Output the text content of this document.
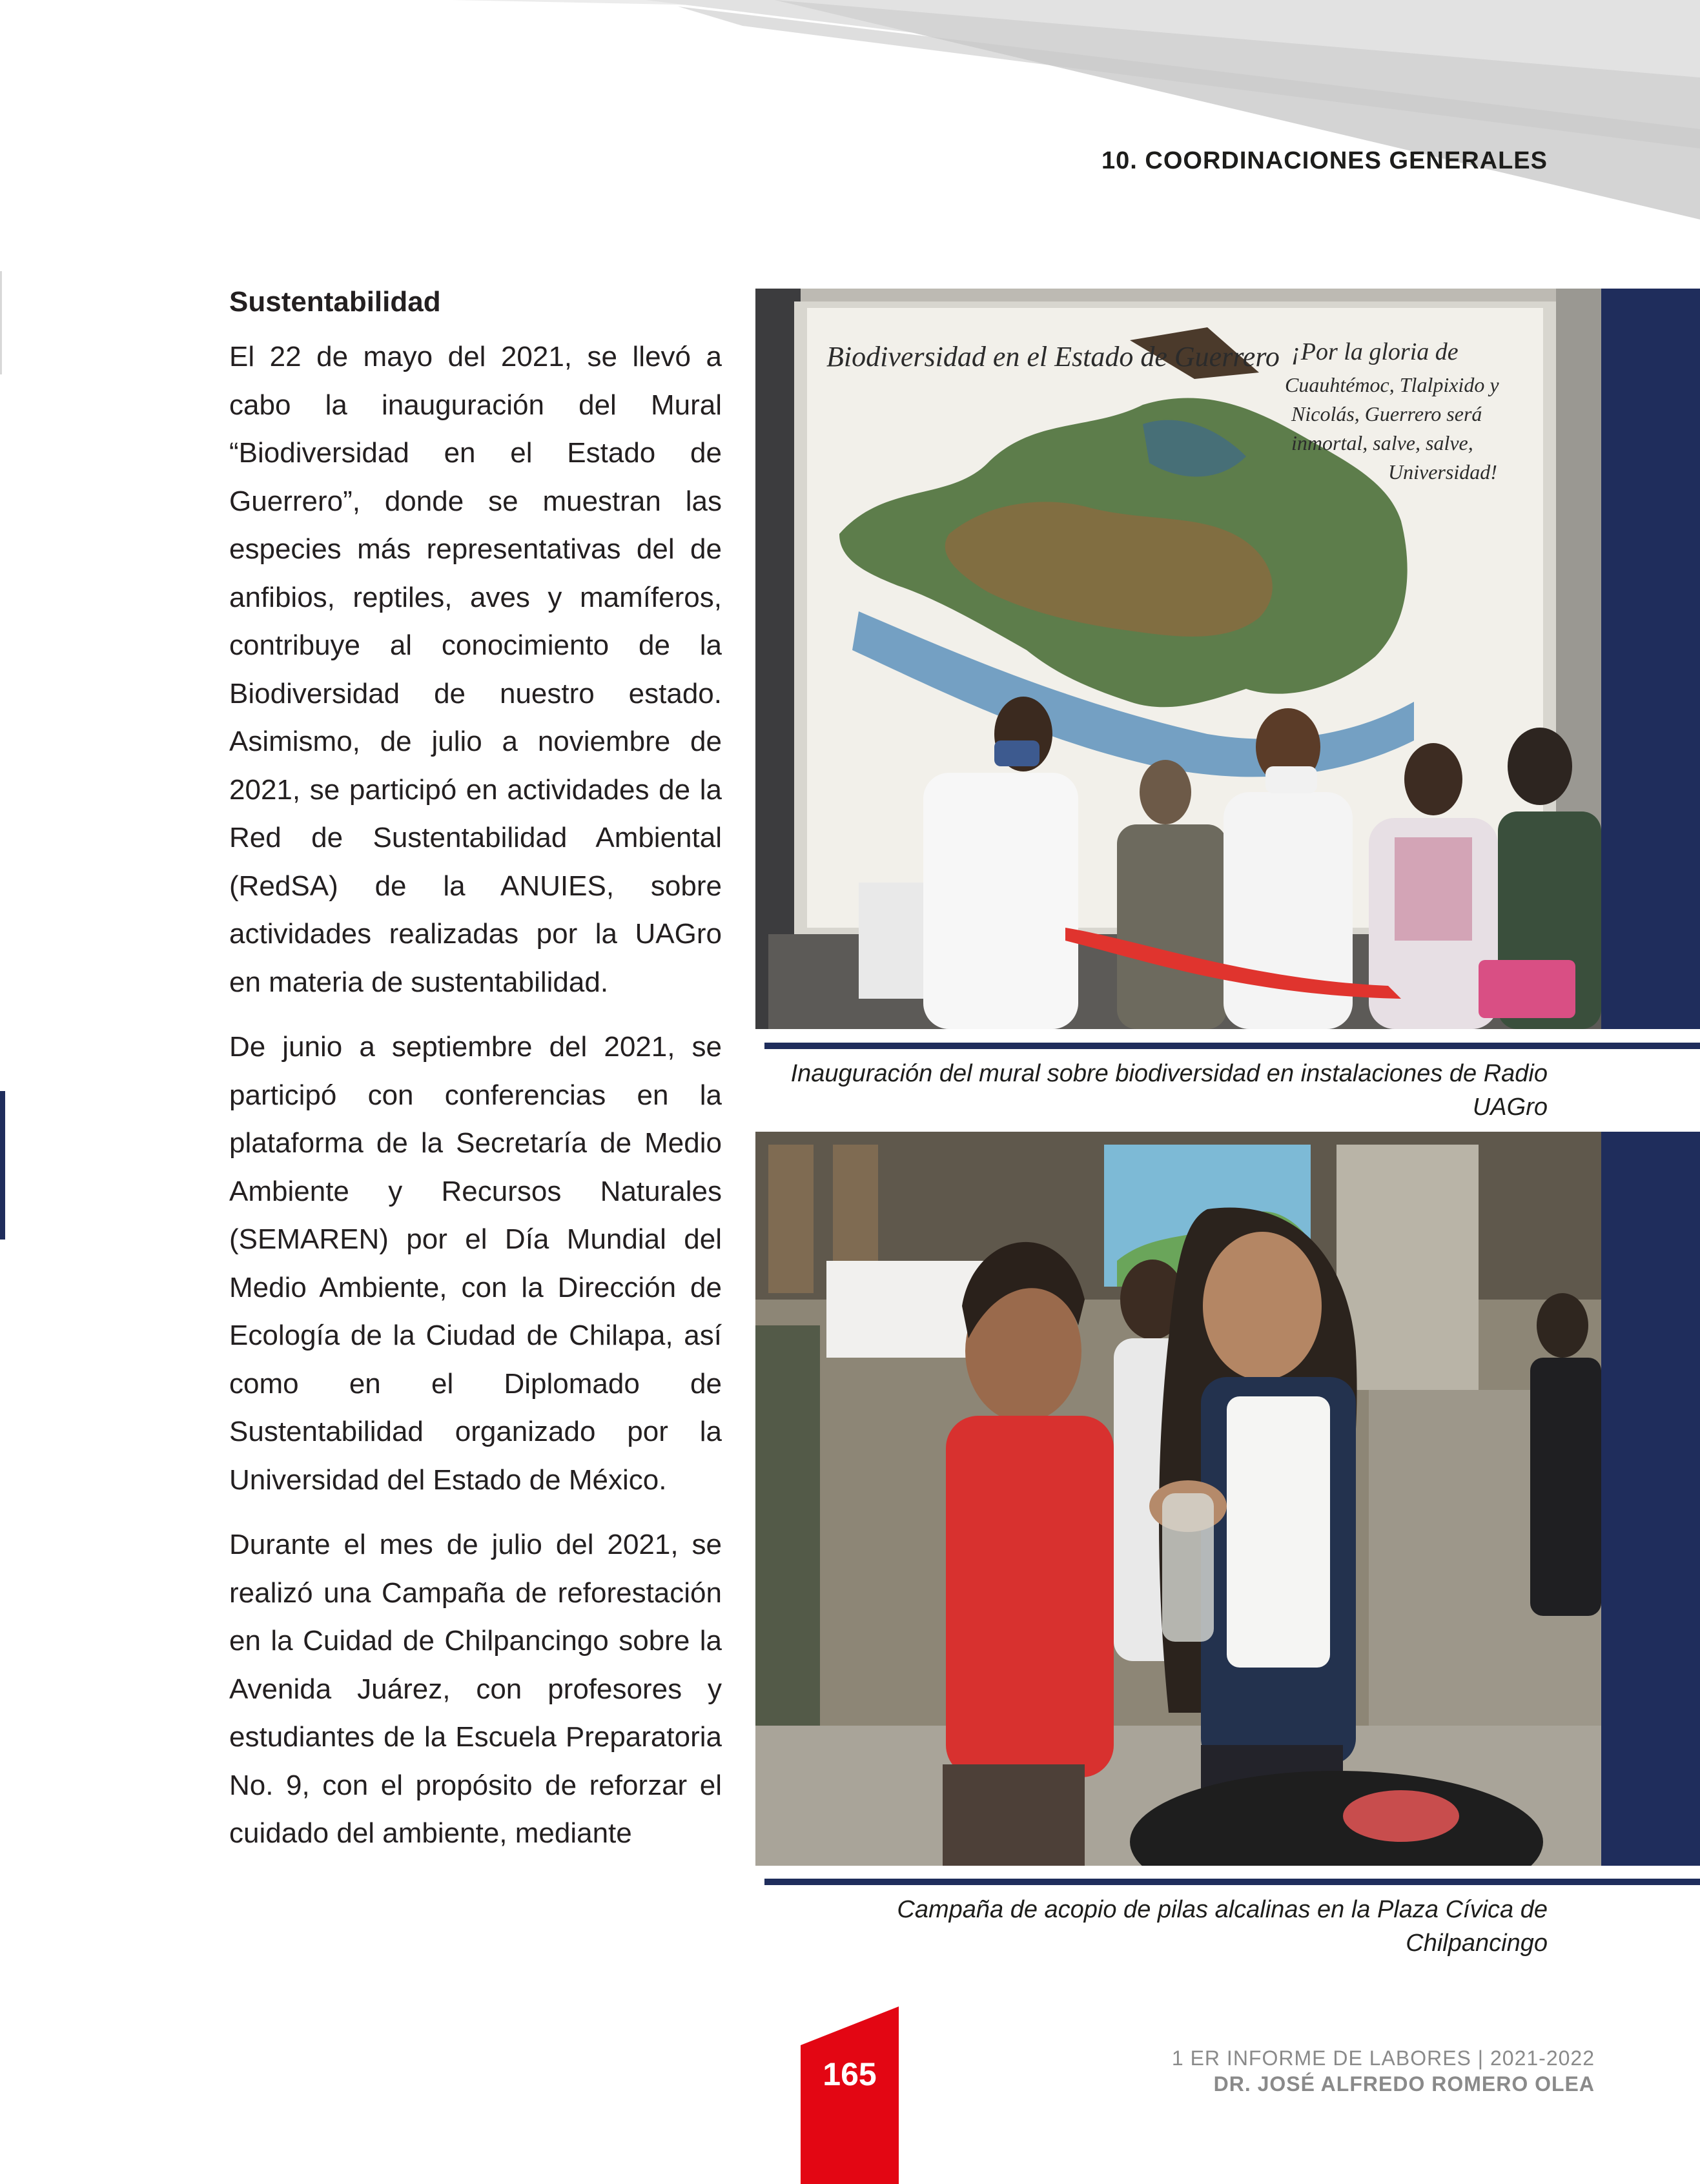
10. COORDINACIONES GENERALES
Sustentabilidad

El 22 de mayo del 2021, se llevó a cabo la inauguración del Mural “Biodiversidad en el Estado de Guerrero”, donde se muestran las especies más representativas del de anfibios, reptiles, aves y mamíferos, contribuye al conocimiento de la Biodiversidad de nuestro estado. Asimismo, de julio a noviembre de 2021, se participó en actividades de la Red de Sustentabilidad Ambiental (RedSA) de la ANUIES, sobre actividades realizadas por la UAGro en materia de sustentabilidad.

De junio a septiembre del 2021, se participó con conferencias en la plataforma de la Secretaría de Medio Ambiente y Recursos Naturales (SEMAREN) por el Día Mundial del Medio Ambiente, con la Dirección de Ecología de la Ciudad de Chilapa, así como en el Diplomado de Sustentabilidad organizado por la Universidad del Estado de México.

Durante el mes de julio del 2021, se realizó una Campaña de reforestación en la Cuidad de Chilpancingo sobre la Avenida Juárez, con profesores y estudiantes de la Escuela Preparatoria No. 9, con el propósito de reforzar el cuidado del ambiente, mediante

Biodiversidad en el Estado de Guerrero ¡Por la gloria de
Cuauhtémoc, Tlalpixido y
Nicolás, Guerrero será
inmortal, salve, salve,
Universidad!
Inauguración del mural sobre biodiversidad en instalaciones de Radio UAGro
Campaña de acopio de pilas alcalinas en la Plaza Cívica de Chilpancingo
165	1 ER INFORME DE LABORES | 2021-2022
DR. JOSÉ ALFREDO ROMERO OLEA
